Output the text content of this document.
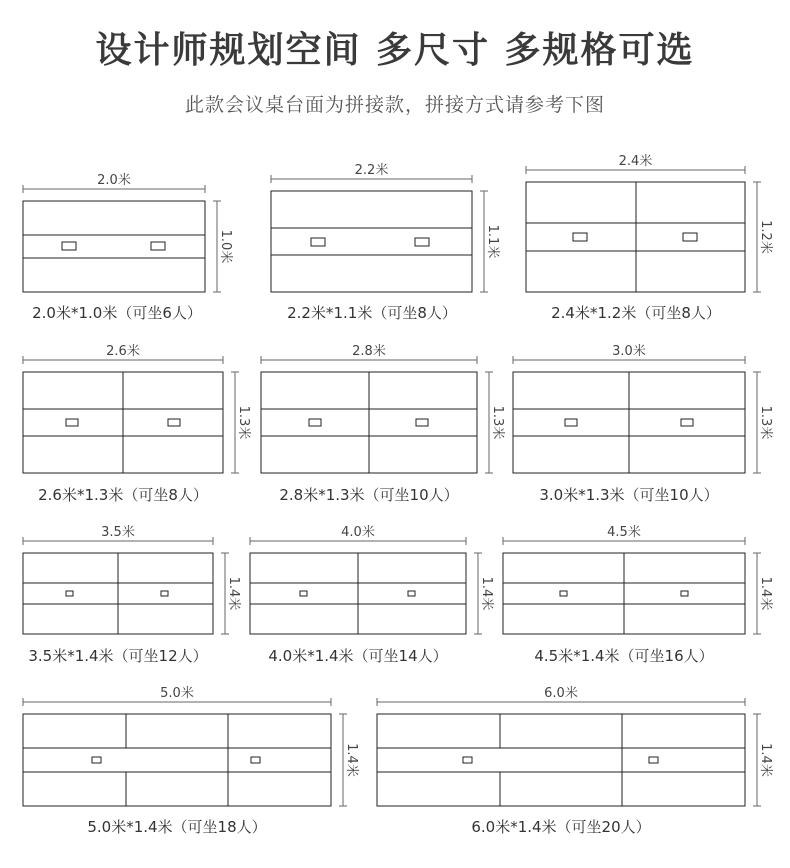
设计师规划空间 多尺寸 多规格可选
此款会议桌台面为拼接款，拼接方式请参考下图
2.0米
1.0米
2.0米*1.0米（可坐6人）
2.2米
1.1米
2.2米*1.1米（可坐8人）
2.4米
1.2米
2.4米*1.2米（可坐8人）
2.6米
1.3米
2.6米*1.3米（可坐8人）
2.8米
1.3米
2.8米*1.3米（可坐10人）
3.0米
1.3米
3.0米*1.3米（可坐10人）
3.5米
1.4米
3.5米*1.4米（可坐12人）
4.0米
1.4米
4.0米*1.4米（可坐14人）
4.5米
1.4米
4.5米*1.4米（可坐16人）
5.0米
1.4米
5.0米*1.4米（可坐18人）
6.0米
1.4米
6.0米*1.4米（可坐20人）
